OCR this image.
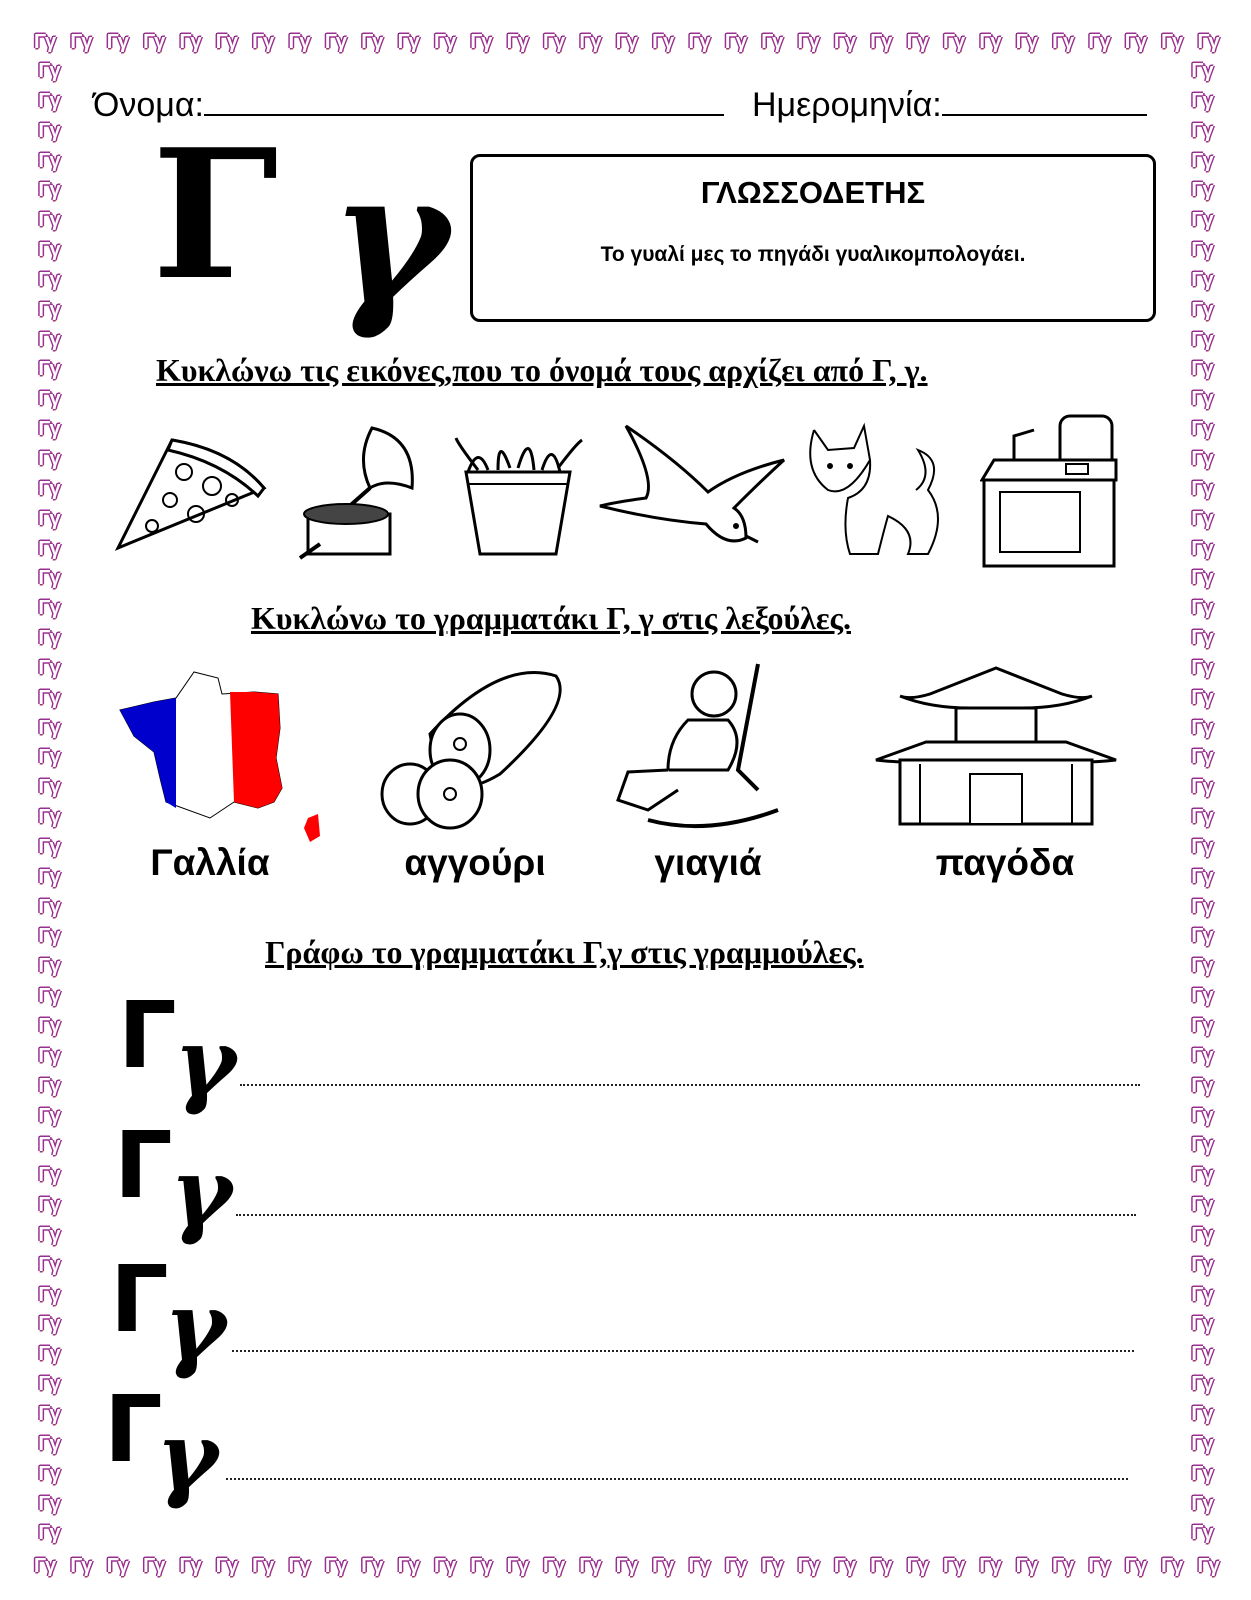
Γγ Γγ Γγ Γγ Γγ Γγ Γγ Γγ Γγ Γγ Γγ Γγ Γγ Γγ Γγ Γγ Γγ Γγ Γγ Γγ Γγ Γγ Γγ Γγ Γγ Γγ Γγ Γγ Γγ Γγ Γγ Γγ Γγ
Γγ Γγ Γγ Γγ Γγ Γγ Γγ Γγ Γγ Γγ Γγ Γγ Γγ Γγ Γγ Γγ Γγ Γγ Γγ Γγ Γγ Γγ Γγ Γγ Γγ Γγ Γγ Γγ Γγ Γγ Γγ Γγ Γγ
Γγ
Γγ
Γγ
Γγ
Γγ
Γγ
Γγ
Γγ
Γγ
Γγ
Γγ
Γγ
Γγ
Γγ
Γγ
Γγ
Γγ
Γγ
Γγ
Γγ
Γγ
Γγ
Γγ
Γγ
Γγ
Γγ
Γγ
Γγ
Γγ
Γγ
Γγ
Γγ
Γγ
Γγ
Γγ
Γγ
Γγ
Γγ
Γγ
Γγ
Γγ
Γγ
Γγ
Γγ
Γγ
Γγ
Γγ
Γγ
Γγ
Γγ
Γγ
Γγ
Γγ
Γγ
Γγ
Γγ
Γγ
Γγ
Γγ
Γγ
Γγ
Γγ
Γγ
Γγ
Γγ
Γγ
Γγ
Γγ
Γγ
Γγ
Γγ
Γγ
Γγ
Γγ
Γγ
Γγ
Γγ
Γγ
Γγ
Γγ
Γγ
Γγ
Γγ
Γγ
Γγ
Γγ
Γγ
Γγ
Γγ
Γγ
Γγ
Γγ
Γγ
Γγ
Γγ
Γγ
Γγ
Γγ
Γγ
Γγ
Όνομα:	Ημερομηνία:
Γ γ	ΓΛΩΣΣΟΔΕΤΗΣ
Το γυαλί μες το πηγάδι γυαλικομπολογάει.
Κυκλώνω τις εικόνες,που το όνομά τους αρχίζει από Γ, γ.
Κυκλώνω το γραμματάκι Γ, γ στις λεξούλες.
Γαλλία	αγγούρι	γιαγιά	παγόδα
Γράφω το γραμματάκι Γ,γ στις γραμμούλες.
Γ
γ
Γ
γ
Γ
γ
Γ
γ
